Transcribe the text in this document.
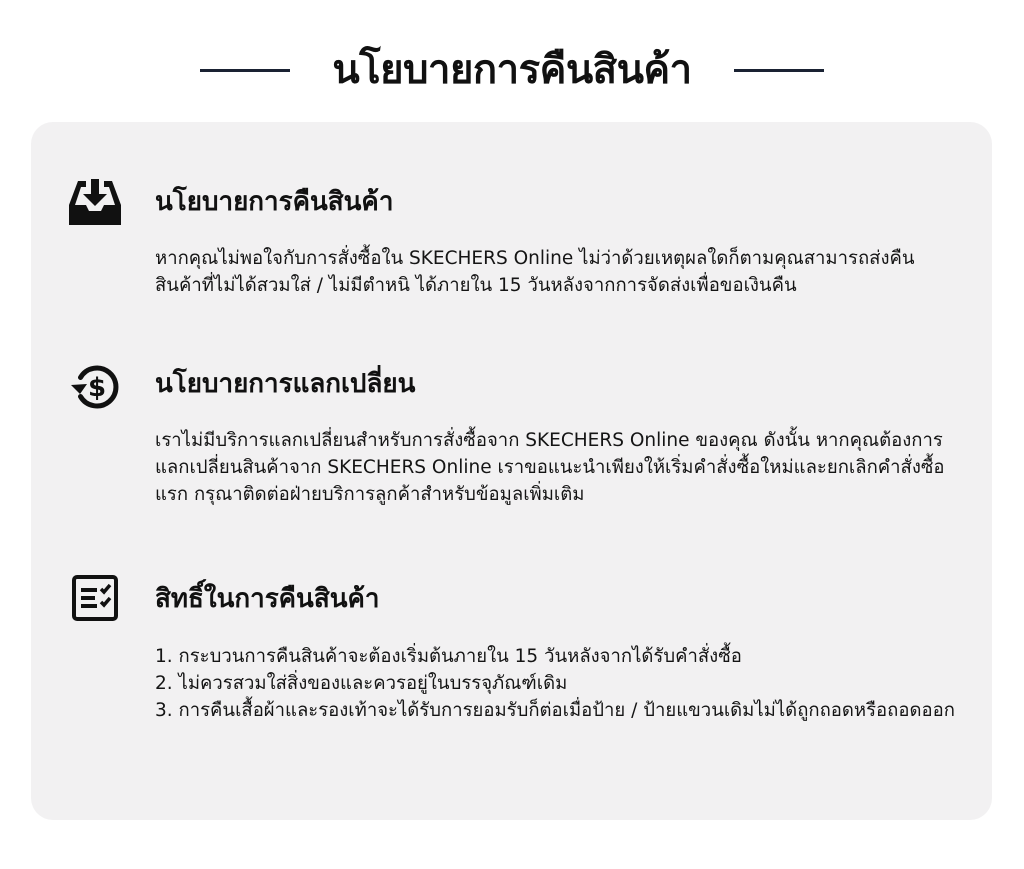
นโยบายการคืนสินค้า
นโยบายการคืนสินค้า

หากคุณไม่พอใจกับการสั่งซื้อใน SKECHERS Online ไม่ว่าด้วยเหตุผลใดก็ตามคุณสามารถส่งคืนสินค้าที่ไม่ได้สวมใส่ / ไม่มีตำหนิ ได้ภายใน 15 วันหลังจากการจัดส่งเพื่อขอเงินคืน

$ นโยบายการแลกเปลี่ยน

เราไม่มีบริการแลกเปลี่ยนสำหรับการสั่งซื้อจาก SKECHERS Online ของคุณ ดังนั้น หากคุณต้องการแลกเปลี่ยนสินค้าจาก SKECHERS Online เราขอแนะนำเพียงให้เริ่มคำสั่งซื้อใหม่และยกเลิกคำสั่งซื้อแรก กรุณาติดต่อฝ่ายบริการลูกค้าสำหรับข้อมูลเพิ่มเติม

สิทธิ์ในการคืนสินค้า

1. กระบวนการคืนสินค้าจะต้องเริ่มต้นภายใน 15 วันหลังจากได้รับคำสั่งซื้อ

2. ไม่ควรสวมใส่สิ่งของและควรอยู่ในบรรจุภัณฑ์เดิม

3. การคืนเสื้อผ้าและรองเท้าจะได้รับการยอมรับก็ต่อเมื่อป้าย / ป้ายแขวนเดิมไม่ได้ถูกถอดหรือถอดออก
